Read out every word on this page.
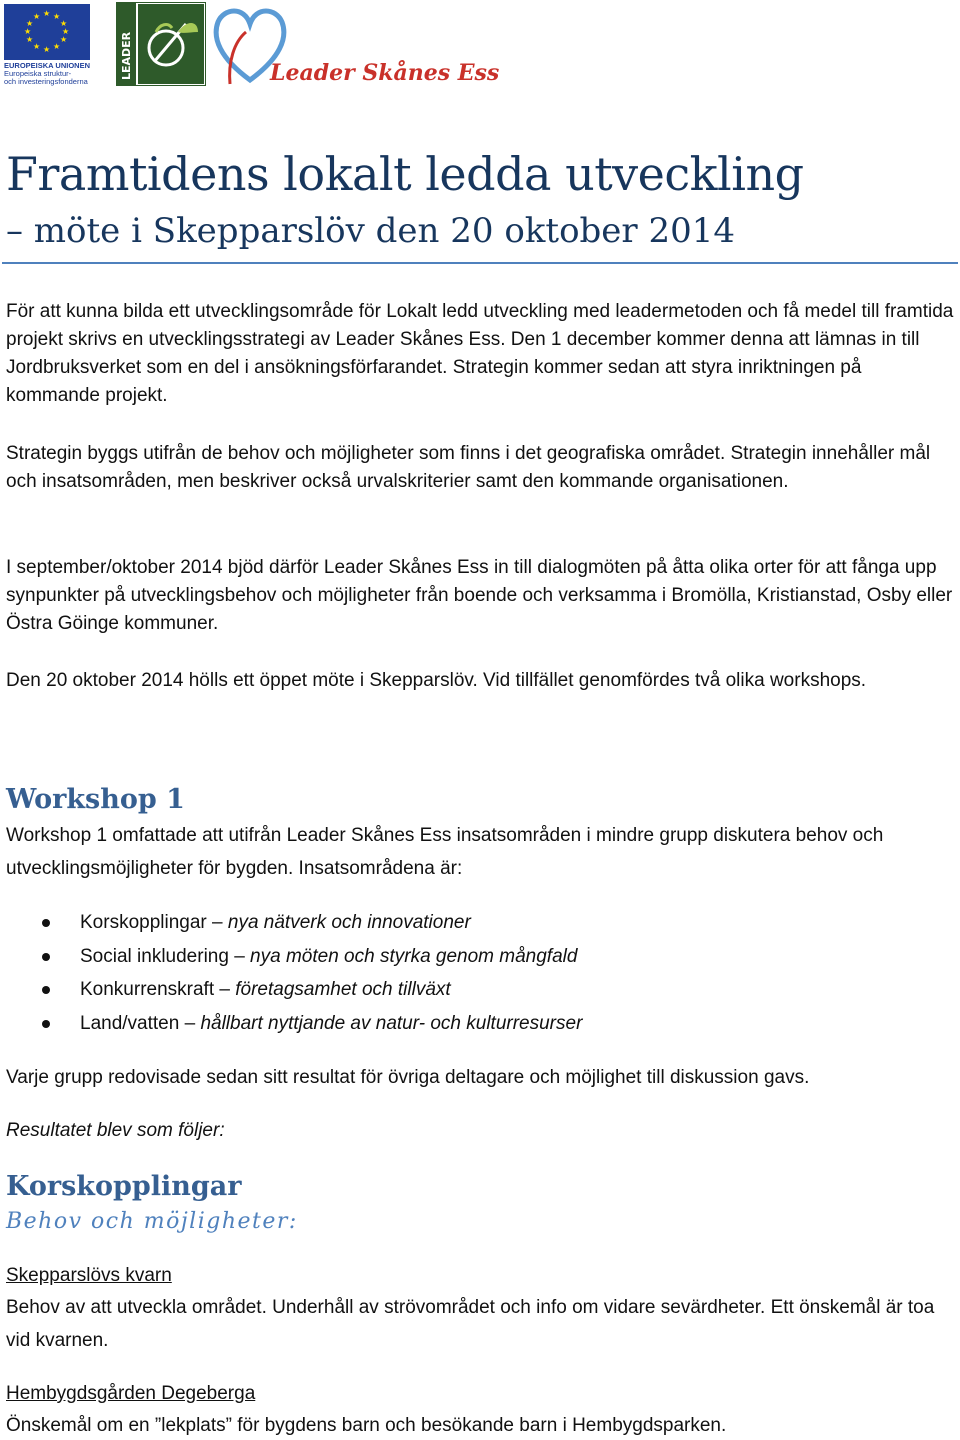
★ ★
★
★
★
★
★
★
★
★
★
★
EUROPEISKA UNIONEN
Europeiska struktur-
och investeringsfonderna
LEADER	Leader Skånes Ess
Framtidens lokalt ledda utveckling
– möte i Skepparslöv den 20 oktober 2014

För att kunna bilda ett utvecklingsområde för Lokalt ledd utveckling med leadermetoden och få medel till framtida projekt skrivs en utvecklingsstrategi av Leader Skånes Ess. Den 1 december kommer denna att lämnas in till Jordbruksverket som en del i ansökningsförfarandet. Strategin kommer sedan att styra inriktningen på kommande projekt.

Strategin byggs utifrån de behov och möjligheter som finns i det geografiska området. Strategin innehåller mål och insatsområden, men beskriver också urvalskriterier samt den kommande organisationen.

I september/oktober 2014 bjöd därför Leader Skånes Ess in till dialogmöten på åtta olika orter för att fånga upp synpunkter på utvecklingsbehov och möjligheter från boende och verksamma i Bromölla, Kristianstad, Osby eller Östra Göinge kommuner.

Den 20 oktober 2014 hölls ett öppet möte i Skepparslöv. Vid tillfället genomfördes två olika workshops.

Workshop 1

Workshop 1 omfattade att utifrån Leader Skånes Ess insatsområden i mindre grupp diskutera behov och utvecklingsmöjligheter för bygden. Insatsområdena är:

Korskopplingar – nya nätverk och innovationer
Social inkludering – nya möten och styrka genom mångfald
Konkurrenskraft – företagsamhet och tillväxt
Land/vatten – hållbart nyttjande av natur- och kulturresurser

Varje grupp redovisade sedan sitt resultat för övriga deltagare och möjlighet till diskussion gavs.

Resultatet blev som följer:

Korskopplingar
Behov och möjligheter:

Skepparslövs kvarn

Behov av att utveckla området. Underhåll av strövområdet och info om vidare sevärdheter. Ett önskemål är toa vid kvarnen.

Hembygdsgården Degeberga

Önskemål om en ”lekplats” för bygdens barn och besökande barn i Hembygdsparken.
